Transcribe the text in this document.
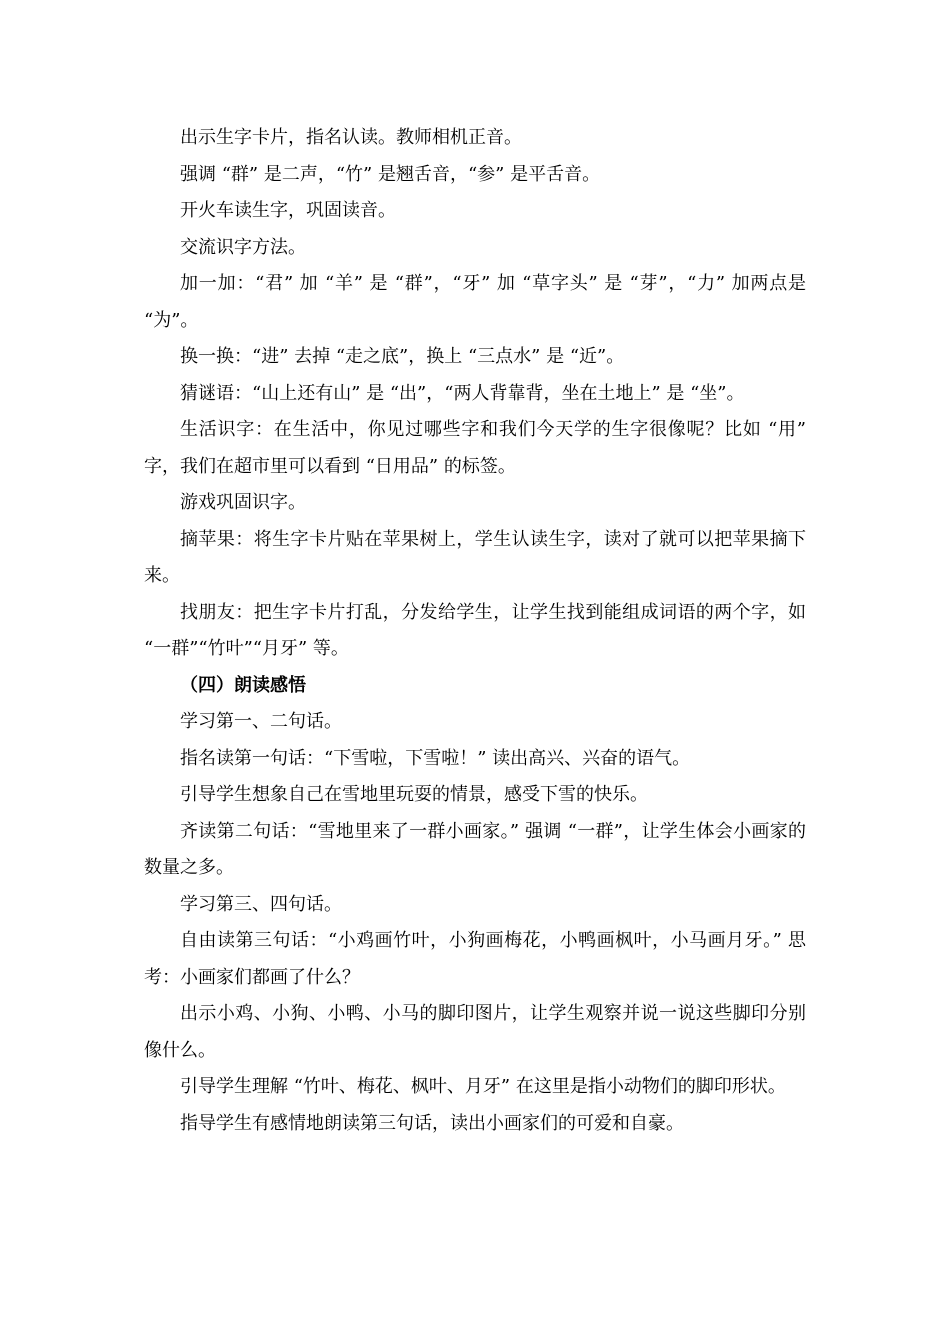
出示生字卡片，指名认读。教师相机正音。

强调 “群” 是二声，“竹” 是翘舌音，“参” 是平舌音。

开火车读生字，巩固读音。

交流识字方法。

加一加：“君” 加 “羊” 是 “群”，“牙” 加 “草字头” 是 “芽”，“力” 加两点是 “为”。

换一换：“进” 去掉 “走之底”，换上 “三点水” 是 “近”。

猜谜语：“山上还有山” 是 “出”，“两人背靠背，坐在土地上” 是 “坐”。

生活识字：在生活中，你见过哪些字和我们今天学的生字很像呢？比如 “用” 字，我们在超市里可以看到 “日用品” 的标签。

游戏巩固识字。

摘苹果：将生字卡片贴在苹果树上，学生认读生字，读对了就可以把苹果摘下来。

找朋友：把生字卡片打乱，分发给学生，让学生找到能组成词语的两个字，如 “一群”“竹叶”“月牙” 等。

（四）朗读感悟

学习第一、二句话。

指名读第一句话：“下雪啦，下雪啦！” 读出高兴、兴奋的语气。

引导学生想象自己在雪地里玩耍的情景，感受下雪的快乐。

齐读第二句话：“雪地里来了一群小画家。” 强调 “一群”，让学生体会小画家的数量之多。

学习第三、四句话。

自由读第三句话：“小鸡画竹叶，小狗画梅花，小鸭画枫叶，小马画月牙。” 思考：小画家们都画了什么？

出示小鸡、小狗、小鸭、小马的脚印图片，让学生观察并说一说这些脚印分别像什么。

引导学生理解 “竹叶、梅花、枫叶、月牙” 在这里是指小动物们的脚印形状。

指导学生有感情地朗读第三句话，读出小画家们的可爱和自豪。
